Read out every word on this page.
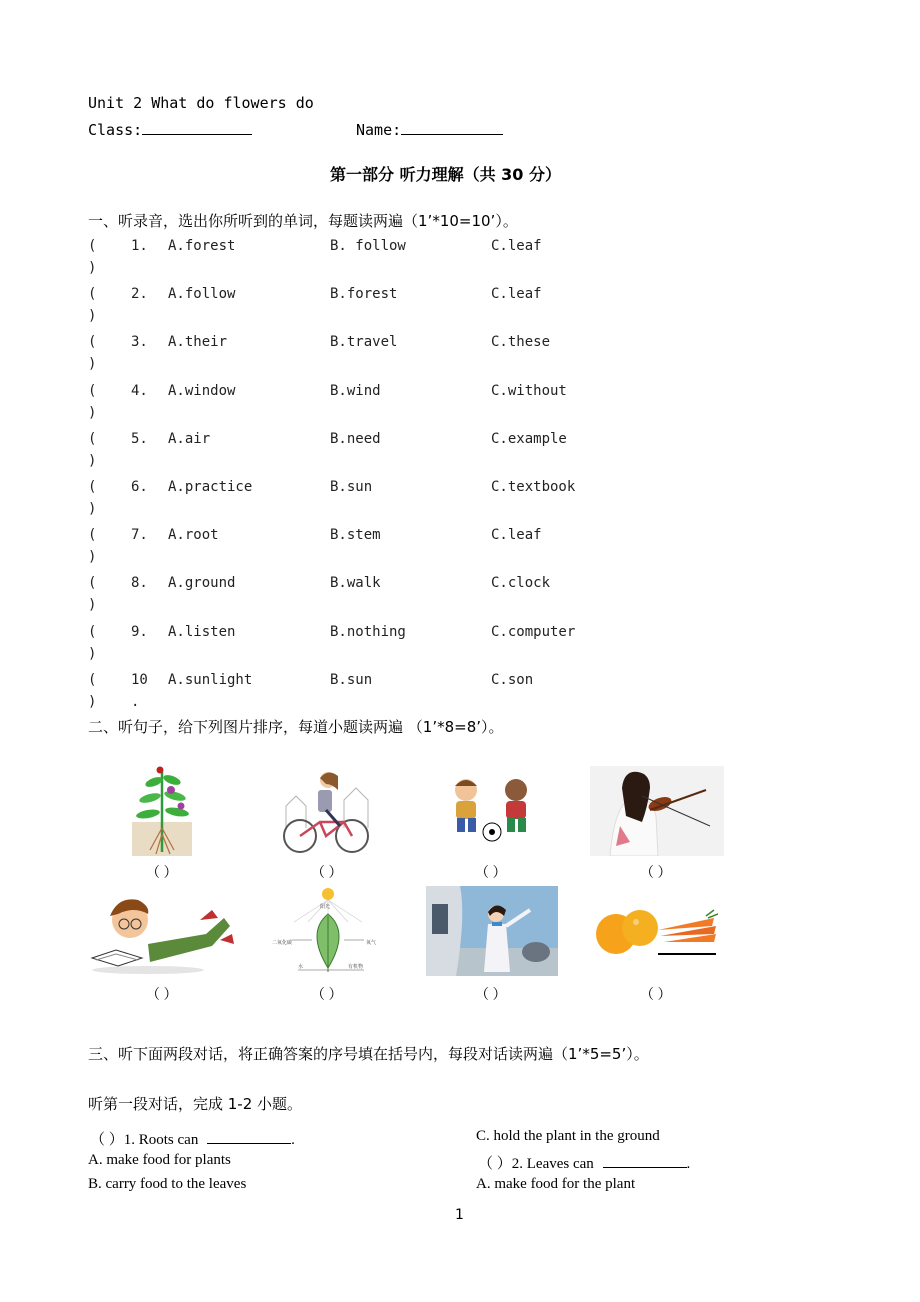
Unit 2 What do flowers do
Class:	Name:
第一部分 听力理解（共 30 分）
一、听录音，选出你所听到的单词，每题读两遍（1’*10=10’）。
(
)
1. A.forest	B. follow	C.leaf
(
)
2. A.follow	B.forest	C.leaf
(
)
3. A.their	B.travel	C.these
(
)
4. A.window	B.wind	C.without
(
)
5. A.air	B.need	C.example
(
)
6. A.practice	B.sun	C.textbook
(
)
7. A.root	B.stem	C.leaf
(
)
8. A.ground	B.walk	C.clock
(
)
9. A.listen	B.nothing	C.computer
(
)
10 A.sunlight	B.sun	C.son
.
二、听句子，给下列图片排序，每道小题读两遍 （1’*8=8’）。
阳光
二氧化碳	氧气
水	有机物
（ ）	（ ）	（ ）	（ ）
（ ）	（ ）	（ ）	（ ）
三、听下面两段对话，将正确答案的序号填在括号内，每段对话读两遍（1’*5=5’）。
听第一段对话，完成 1-2 小题。
（ ）1. Roots can	.
A. make food for plants
B. carry food to the leaves
C. hold the plant in the ground
（ ）2. Leaves can	.
A. make food for the plant
1
